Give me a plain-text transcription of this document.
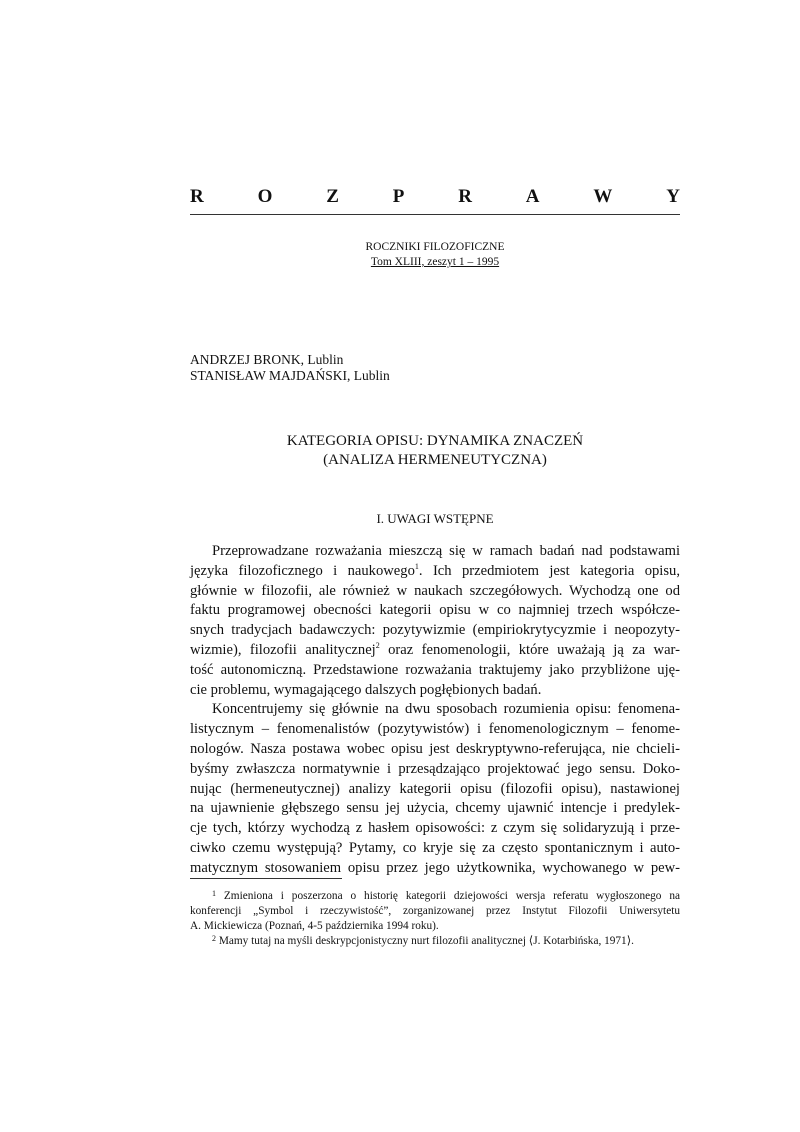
R	O	Z	P	R	A	W	Y
ROCZNIKI FILOZOFICZNE
Tom XLIII, zeszyt 1 – 1995
ANDRZEJ BRONK, Lublin
STANISŁAW MAJDAŃSKI, Lublin
KATEGORIA OPISU: DYNAMIKA ZNACZEŃ
(ANALIZA HERMENEUTYCZNA)
I. UWAGI WSTĘPNE
Przeprowadzane rozważania mieszczą się w ramach badań nad podstawami
języka filozoficznego i naukowego$^1$. Ich przedmiotem jest kategoria opisu,
głównie w filozofii, ale również w naukach szczegółowych. Wychodzą one od
faktu programowej obecności kategorii opisu w co najmniej trzech współcze-
snych tradycjach badawczych: pozytywizmie (empiriokrytycyzmie i neopozyty-
wizmie), filozofii analitycznej$^2$ oraz fenomenologii, które uważają ją za war-
tość autonomiczną. Przedstawione rozważania traktujemy jako przybliżone uję-
cie problemu, wymagającego dalszych pogłębionych badań.
Koncentrujemy się głównie na dwu sposobach rozumienia opisu: fenomena-
listycznym – fenomenalistów (pozytywistów) i fenomenologicznym – fenome-
nologów. Nasza postawa wobec opisu jest deskryptywno-referująca, nie chcieli-
byśmy zwłaszcza normatywnie i przesądzająco projektować jego sensu. Doko-
nując (hermeneutycznej) analizy kategorii opisu (filozofii opisu), nastawionej
na ujawnienie głębszego sensu jej użycia, chcemy ujawnić intencje i predylek-
cje tych, którzy wychodzą z hasłem opisowości: z czym się solidaryzują i prze-
ciwko czemu występują? Pytamy, co kryje się za często spontanicznym i auto-
matycznym stosowaniem opisu przez jego użytkownika, wychowanego w pew-
$^1$ Zmieniona i poszerzona o historię kategorii dziejowości wersja referatu wygłoszonego na
konferencji „Symbol i rzeczywistość”, zorganizowanej przez Instytut Filozofii Uniwersytetu
A. Mickiewicza (Poznań, 4-5 października 1994 roku).
$^2$ Mamy tutaj na myśli deskrypcjonistyczny nurt filozofii analitycznej ⟨J. Kotarbińska, 1971⟩.
